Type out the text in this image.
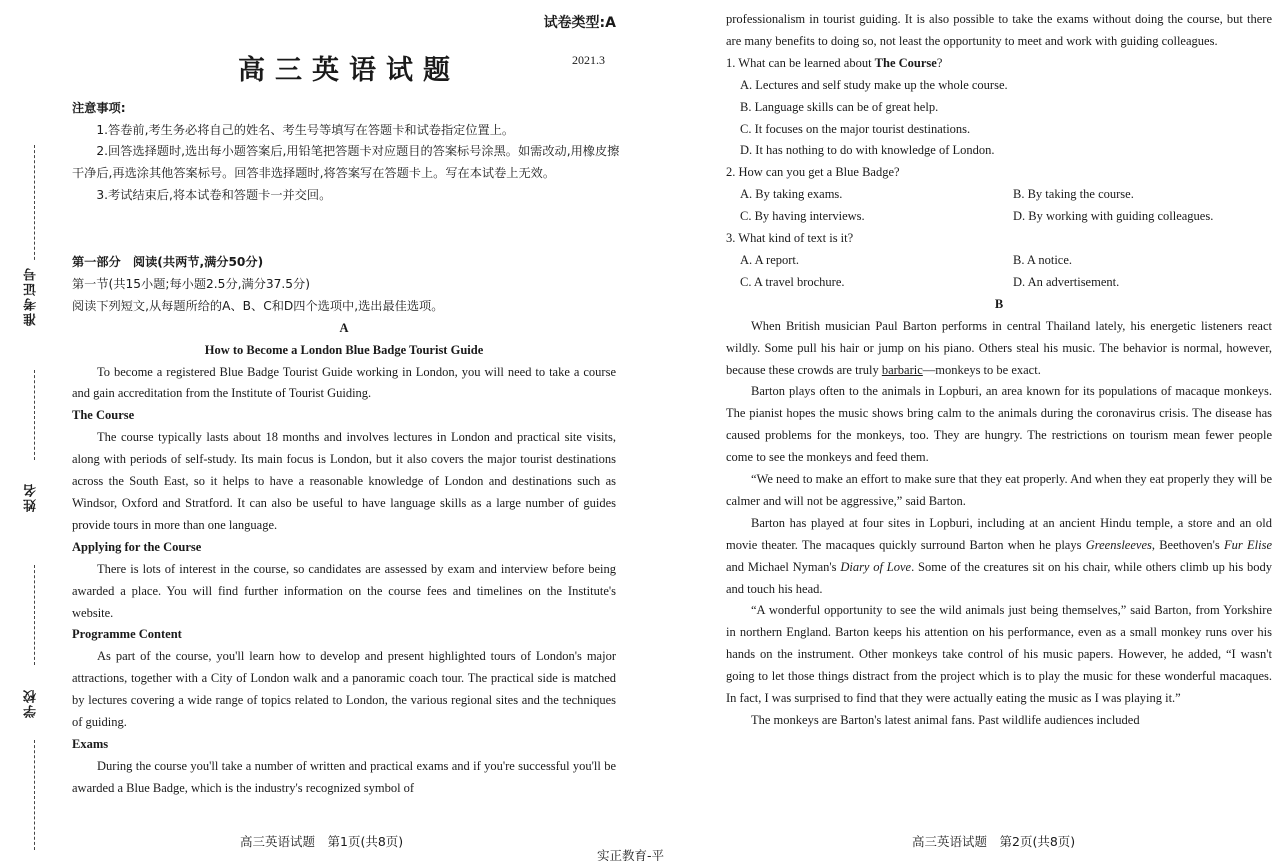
准考证号
姓名
学校
试卷类型:A
高三英语试题	2021.3

注意事项:

1.答卷前,考生务必将自己的姓名、考生号等填写在答题卡和试卷指定位置上。

2.回答选择题时,选出每小题答案后,用铅笔把答题卡对应题目的答案标号涂黑。如需改动,用橡皮擦干净后,再选涂其他答案标号。回答非选择题时,将答案写在答题卡上。写在本试卷上无效。

3.考试结束后,将本试卷和答题卡一并交回。

第一部分　阅读(共两节,满分50分)

第一节(共15小题;每小题2.5分,满分37.5分)

阅读下列短文,从每题所给的A、B、C和D四个选项中,选出最佳选项。

A

How to Become a London Blue Badge Tourist Guide

To become a registered Blue Badge Tourist Guide working in London, you will need to take a course and gain accreditation from the Institute of Tourist Guiding.

The Course

The course typically lasts about 18 months and involves lectures in London and practical site visits, along with periods of self-study. Its main focus is London, but it also covers the major tourist destinations across the South East, so it helps to have a reasonable knowledge of London and destinations such as Windsor, Oxford and Stratford. It can also be useful to have language skills as a large number of guides provide tours in more than one language.

Applying for the Course

There is lots of interest in the course, so candidates are assessed by exam and interview before being awarded a place. You will find further information on the course fees and timelines on the Institute's website.

Programme Content

As part of the course, you'll learn how to develop and present highlighted tours of London's major attractions, together with a City of London walk and a panoramic coach tour. The practical side is matched by lectures covering a wide range of topics related to London, the various regional sites and the techniques of guiding.

Exams

During the course you'll take a number of written and practical exams and if you're successful you'll be awarded a Blue Badge, which is the industry's recognized symbol of

高三英语试题　第1页(共8页)
实正教育-平

professionalism in tourist guiding. It is also possible to take the exams without doing the course, but there are many benefits to doing so, not least the opportunity to meet and work with guiding colleagues.

1. What can be learned about The Course?

A. Lectures and self study make up the whole course.
B. Language skills can be of great help.
C. It focuses on the major tourist destinations.
D. It has nothing to do with knowledge of London.

2. How can you get a Blue Badge?

A. By taking exams.	B. By taking the course.
C. By having interviews.	D. By working with guiding colleagues.

3. What kind of text is it?

A. A report.	B. A notice.
C. A travel brochure.	D. An advertisement.

B

When British musician Paul Barton performs in central Thailand lately, his energetic listeners react wildly. Some pull his hair or jump on his piano. Others steal his music. The behavior is normal, however, because these crowds are truly barbaric—monkeys to be exact.

Barton plays often to the animals in Lopburi, an area known for its populations of macaque monkeys. The pianist hopes the music shows bring calm to the animals during the coronavirus crisis. The disease has caused problems for the monkeys, too. They are hungry. The restrictions on tourism mean fewer people come to see the monkeys and feed them.

“We need to make an effort to make sure that they eat properly. And when they eat properly they will be calmer and will not be aggressive,” said Barton.

Barton has played at four sites in Lopburi, including at an ancient Hindu temple, a store and an old movie theater. The macaques quickly surround Barton when he plays Greensleeves, Beethoven's Fur Elise and Michael Nyman's Diary of Love. Some of the creatures sit on his chair, while others climb up his body and touch his head.

“A wonderful opportunity to see the wild animals just being themselves,” said Barton, from Yorkshire in northern England. Barton keeps his attention on his performance, even as a small monkey runs over his hands on the instrument. Other monkeys take control of his music papers. However, he added, “I wasn't going to let those things distract from the project which is to play the music for these wonderful macaques. In fact, I was surprised to find that they were actually eating the music as I was playing it.”

The monkeys are Barton's latest animal fans. Past wildlife audiences included

高三英语试题　第2页(共8页)
